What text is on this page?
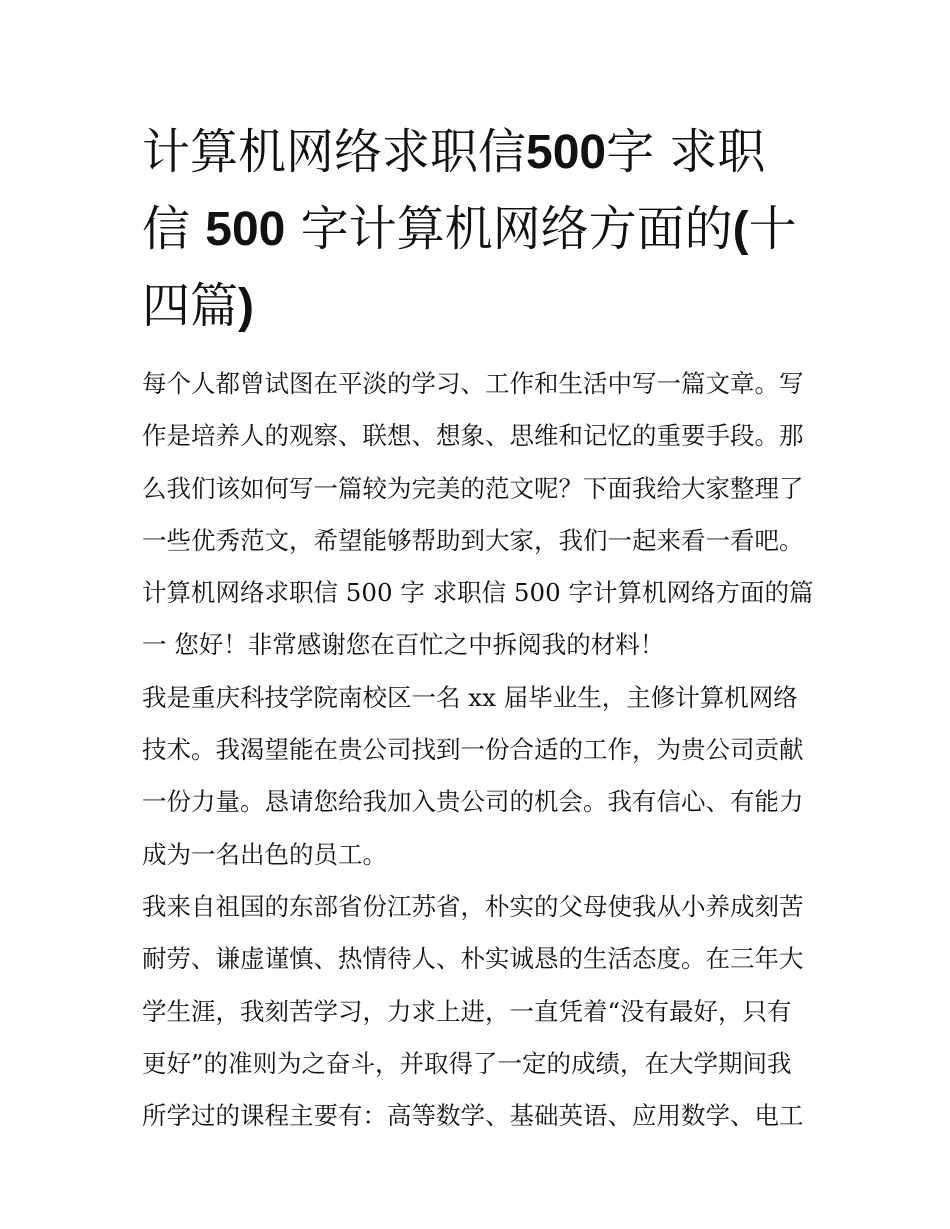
计算机网络求职信500字 求职
信 500 字计算机网络方面的(十
四篇)

每个人都曾试图在平淡的学习、工作和生活中写一篇文章。写
作是培养人的观察、联想、想象、思维和记忆的重要手段。那
么我们该如何写一篇较为完美的范文呢？下面我给大家整理了
一些优秀范文，希望能够帮助到大家，我们一起来看一看吧。

计算机网络求职信 500 字 求职信 500 字计算机网络方面的篇
一 您好！非常感谢您在百忙之中拆阅我的材料！

我是重庆科技学院南校区一名 xx 届毕业生，主修计算机网络
技术。我渴望能在贵公司找到一份合适的工作，为贵公司贡献
一份力量。恳请您给我加入贵公司的机会。我有信心、有能力
成为一名出色的员工。

我来自祖国的东部省份江苏省，朴实的父母使我从小养成刻苦
耐劳、谦虚谨慎、热情待人、朴实诚恳的生活态度。在三年大
学生涯，我刻苦学习，力求上进，一直凭着“没有最好，只有
更好”的准则为之奋斗，并取得了一定的成绩，在大学期间我
所学过的课程主要有：高等数学、基础英语、应用数学、电工
